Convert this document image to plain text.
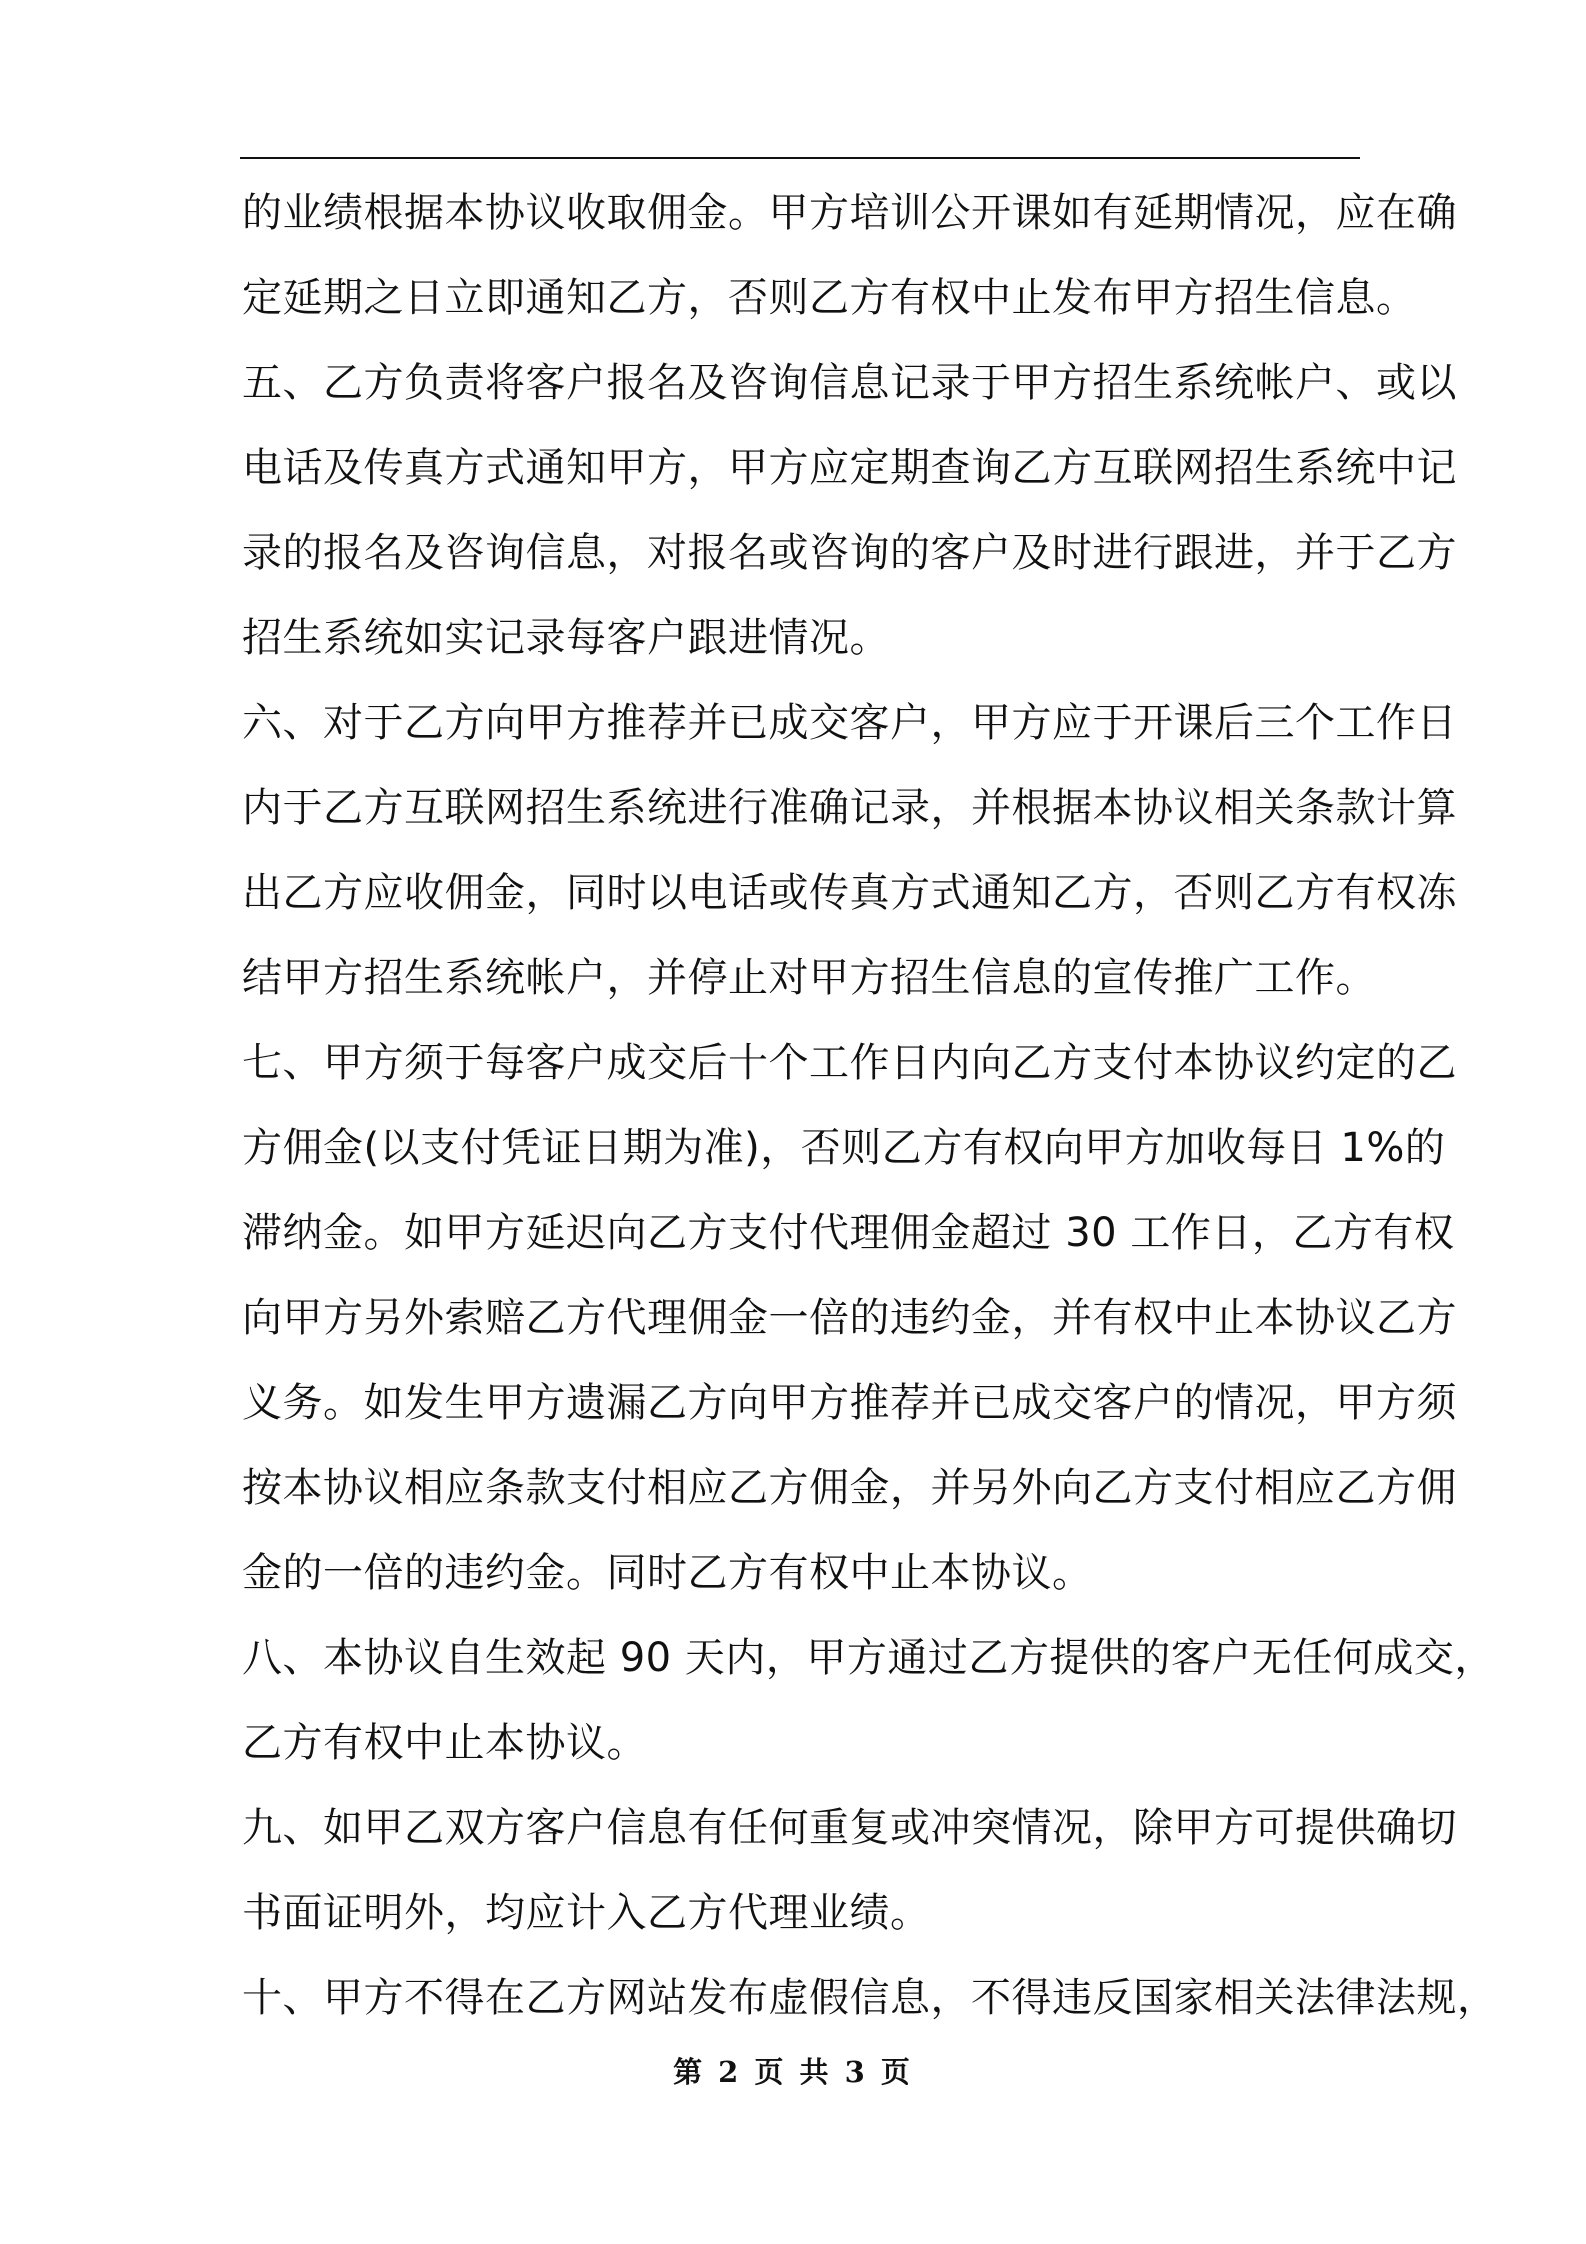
的业绩根据本协议收取佣金。甲方培训公开课如有延期情况，应在确
定延期之日立即通知乙方，否则乙方有权中止发布甲方招生信息。
五、乙方负责将客户报名及咨询信息记录于甲方招生系统帐户、或以
电话及传真方式通知甲方，甲方应定期查询乙方互联网招生系统中记
录的报名及咨询信息，对报名或咨询的客户及时进行跟进，并于乙方
招生系统如实记录每客户跟进情况。
六、对于乙方向甲方推荐并已成交客户，甲方应于开课后三个工作日
内于乙方互联网招生系统进行准确记录，并根据本协议相关条款计算
出乙方应收佣金，同时以电话或传真方式通知乙方，否则乙方有权冻
结甲方招生系统帐户，并停止对甲方招生信息的宣传推广工作。
七、甲方须于每客户成交后十个工作日内向乙方支付本协议约定的乙
方佣金(以支付凭证日期为准)，否则乙方有权向甲方加收每日 1%的
滞纳金。如甲方延迟向乙方支付代理佣金超过 30 工作日，乙方有权
向甲方另外索赔乙方代理佣金一倍的违约金，并有权中止本协议乙方
义务。如发生甲方遗漏乙方向甲方推荐并已成交客户的情况，甲方须
按本协议相应条款支付相应乙方佣金，并另外向乙方支付相应乙方佣
金的一倍的违约金。同时乙方有权中止本协议。
八、本协议自生效起 90 天内，甲方通过乙方提供的客户无任何成交，
乙方有权中止本协议。
九、如甲乙双方客户信息有任何重复或冲突情况，除甲方可提供确切
书面证明外，均应计入乙方代理业绩。
十、甲方不得在乙方网站发布虚假信息，不得违反国家相关法律法规，
第 2 页 共 3 页
